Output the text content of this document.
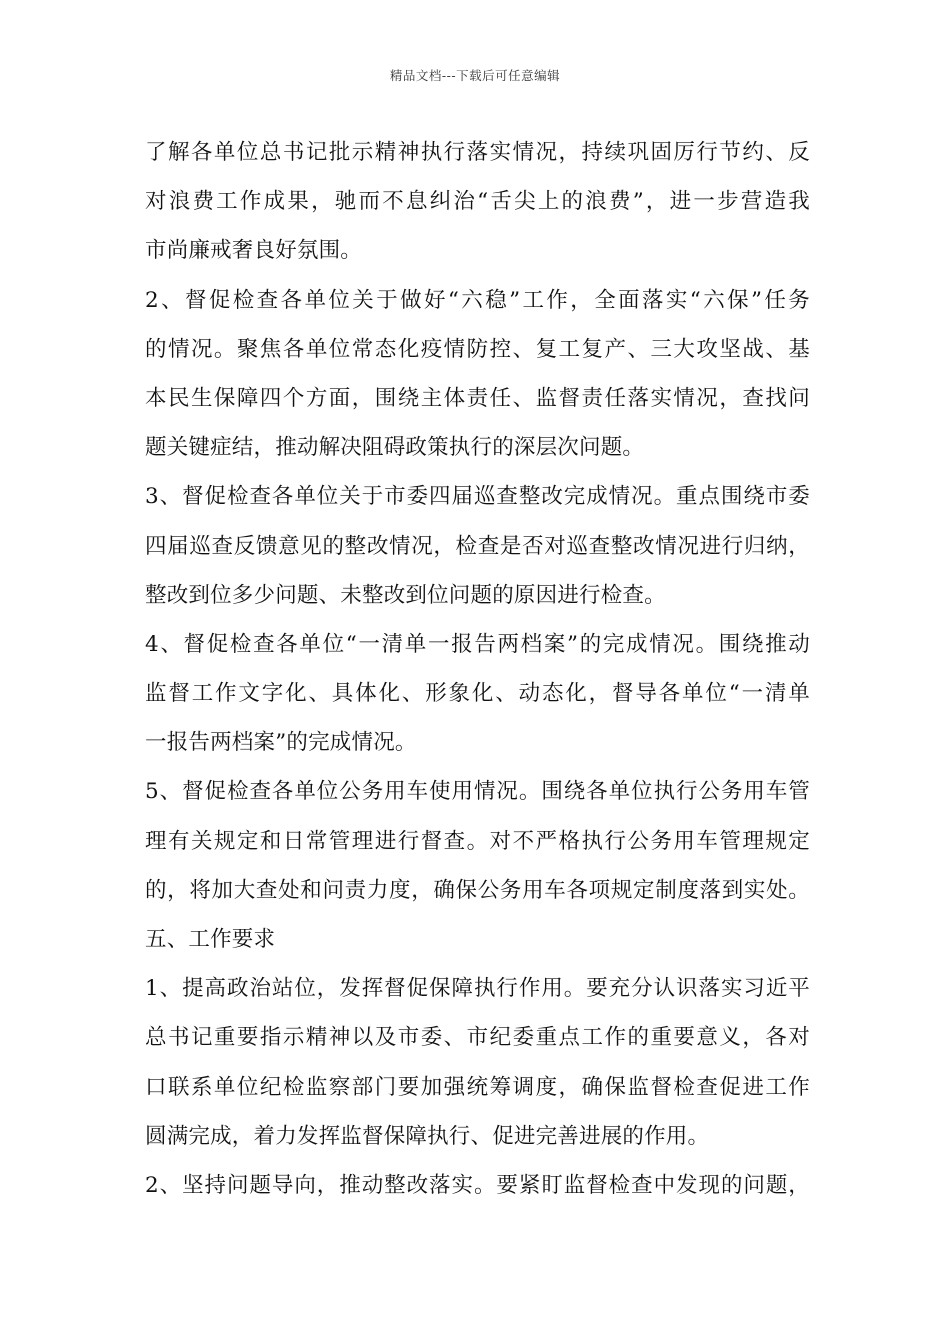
精品文档---下载后可任意编辑
了解各单位总书记批示精神执行落实情况，持续巩固厉行节约、反
对浪费工作成果，驰而不息纠治“舌尖上的浪费”，进一步营造我
市尚廉戒奢良好氛围。
2、督促检查各单位关于做好“六稳”工作，全面落实“六保”任务
的情况。聚焦各单位常态化疫情防控、复工复产、三大攻坚战、基
本民生保障四个方面，围绕主体责任、监督责任落实情况，查找问
题关键症结，推动解决阻碍政策执行的深层次问题。
3、督促检查各单位关于市委四届巡查整改完成情况。重点围绕市委
四届巡查反馈意见的整改情况，检查是否对巡查整改情况进行归纳，
整改到位多少问题、未整改到位问题的原因进行检查。
4、督促检查各单位“一清单一报告两档案”的完成情况。围绕推动
监督工作文字化、具体化、形象化、动态化，督导各单位“一清单
一报告两档案”的完成情况。
5、督促检查各单位公务用车使用情况。围绕各单位执行公务用车管
理有关规定和日常管理进行督查。对不严格执行公务用车管理规定
的，将加大查处和问责力度，确保公务用车各项规定制度落到实处。
五、工作要求
1、提高政治站位，发挥督促保障执行作用。要充分认识落实习近平
总书记重要指示精神以及市委、市纪委重点工作的重要意义，各对
口联系单位纪检监察部门要加强统筹调度，确保监督检查促进工作
圆满完成，着力发挥监督保障执行、促进完善进展的作用。
2、坚持问题导向，推动整改落实。要紧盯监督检查中发现的问题，
